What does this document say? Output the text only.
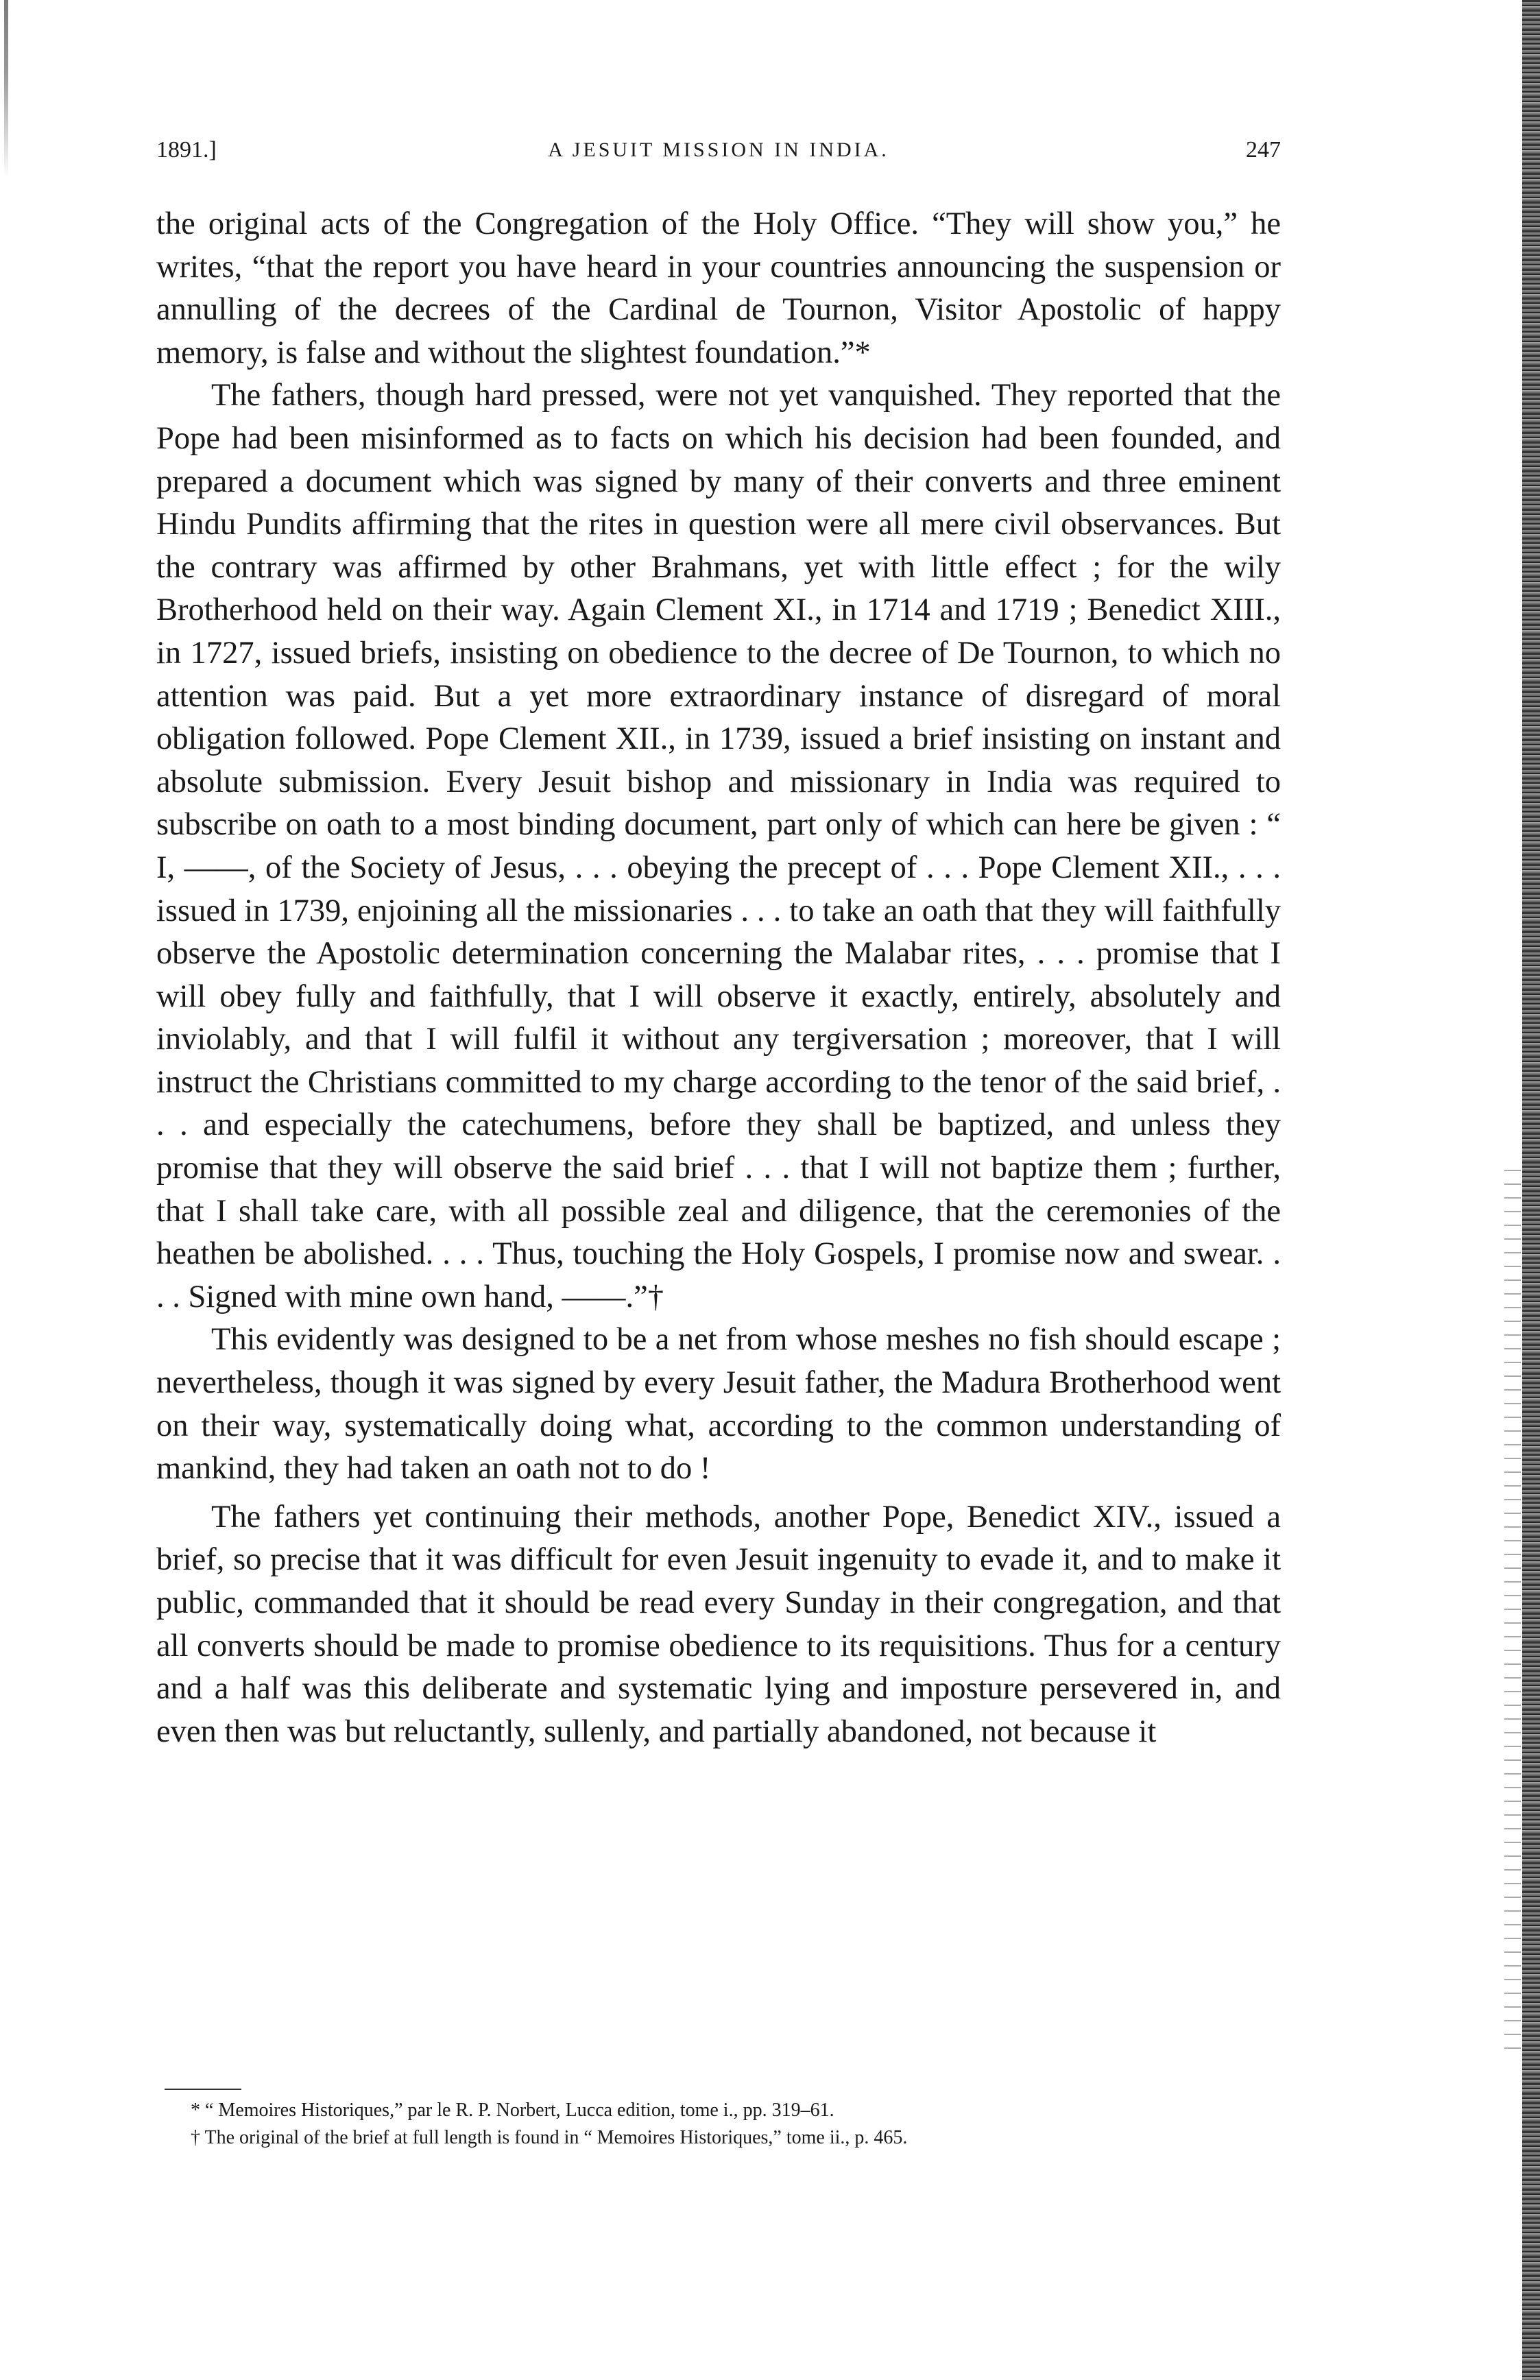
1891.]	A JESUIT MISSION IN INDIA.	247

the original acts of the Congregation of the Holy Office. “They will show you,” he writes, “that the report you have heard in your countries announcing the suspension or annulling of the decrees of the Cardinal de Tournon, Visitor Apostolic of happy memory, is false and without the slightest foundation.”*

The fathers, though hard pressed, were not yet vanquished. They reported that the Pope had been misinformed as to facts on which his decision had been founded, and prepared a document which was signed by many of their converts and three eminent Hindu Pundits affirming that the rites in question were all mere civil observances. But the contrary was affirmed by other Brahmans, yet with little effect ; for the wily Brotherhood held on their way. Again Clement XI., in 1714 and 1719 ; Benedict XIII., in 1727, issued briefs, insisting on obedience to the decree of De Tournon, to which no attention was paid. But a yet more extraordinary instance of disregard of moral obligation followed. Pope Clement XII., in 1739, issued a brief insisting on instant and absolute submission. Every Jesuit bishop and missionary in India was required to subscribe on oath to a most binding document, part only of which can here be given : “ I, ——, of the Society of Jesus, . . . obeying the precept of . . . Pope Clement XII., . . . issued in 1739, enjoining all the missionaries . . . to take an oath that they will faithfully observe the Apostolic determination concerning the Malabar rites, . . . promise that I will obey fully and faithfully, that I will observe it exactly, entirely, absolutely and inviolably, and that I will fulfil it without any tergiversation ; moreover, that I will instruct the Christians committed to my charge according to the tenor of the said brief, . . . and especially the catechumens, before they shall be baptized, and unless they promise that they will observe the said brief . . . that I will not baptize them ; further, that I shall take care, with all possible zeal and diligence, that the ceremonies of the heathen be abolished. . . . Thus, touching the Holy Gospels, I promise now and swear. . . . Signed with mine own hand, ——.”†

This evidently was designed to be a net from whose meshes no fish should escape ; nevertheless, though it was signed by every Jesuit father, the Madura Brotherhood went on their way, systematically doing what, according to the common understanding of mankind, they had taken an oath not to do !

The fathers yet continuing their methods, another Pope, Benedict XIV., issued a brief, so precise that it was difficult for even Jesuit ingenuity to evade it, and to make it public, commanded that it should be read every Sunday in their congregation, and that all converts should be made to promise obedience to its requisitions. Thus for a century and a half was this deliberate and systematic lying and imposture persevered in, and even then was but reluctantly, sullenly, and partially abandoned, not because it

* “ Memoires Historiques,” par le R. P. Norbert, Lucca edition, tome i., pp. 319–61.

† The original of the brief at full length is found in “ Memoires Historiques,” tome ii., p. 465.
